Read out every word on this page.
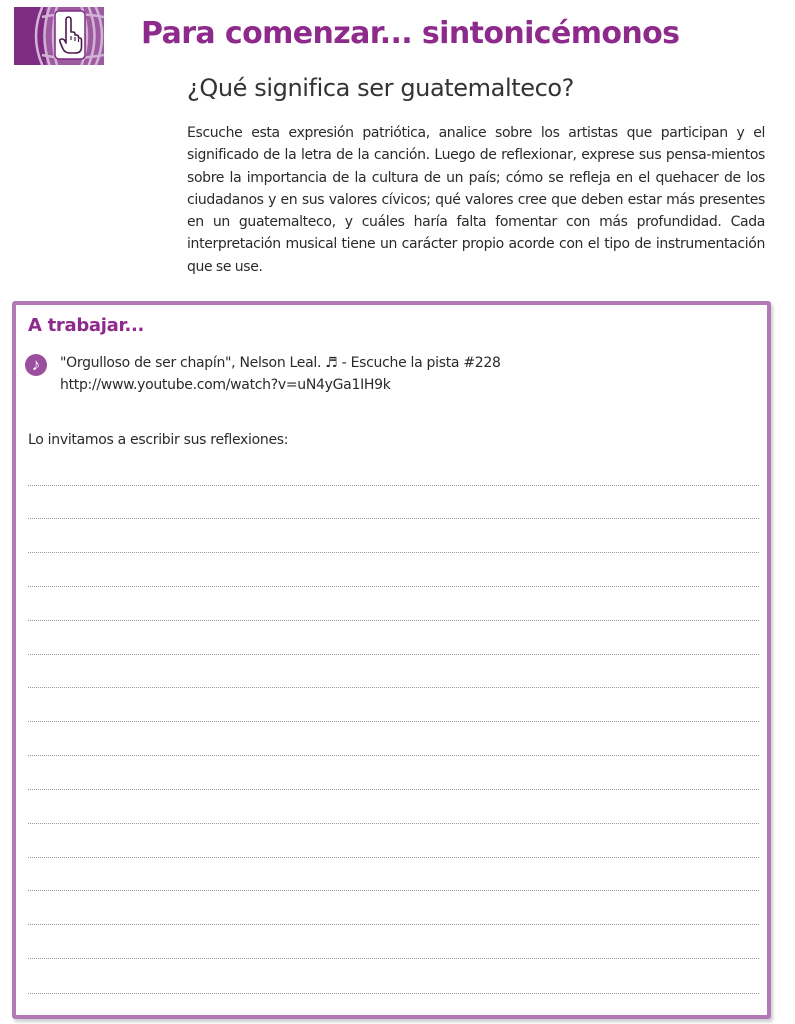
Para comenzar... sintonicémonos
¿Qué significa ser guatemalteco?

Escuche esta expresión patriótica, analice sobre los artistas que participan y el significado de la letra de la canción. Luego de reflexionar, exprese sus pensa-mientos sobre la importancia de la cultura de un país; cómo se refleja en el quehacer de los ciudadanos y en sus valores cívicos; qué valores cree que deben estar más presentes en un guatemalteco, y cuáles haría falta fomentar con más profundidad. Cada interpretación musical tiene un carácter propio acorde con el tipo de instrumentación que se use.

A trabajar...
♪	"Orgulloso de ser chapín", Nelson Leal. ♬ - Escuche la pista #228

http://www.youtube.com/watch?v=uN4yGa1IH9k

Lo invitamos a escribir sus reflexiones:
